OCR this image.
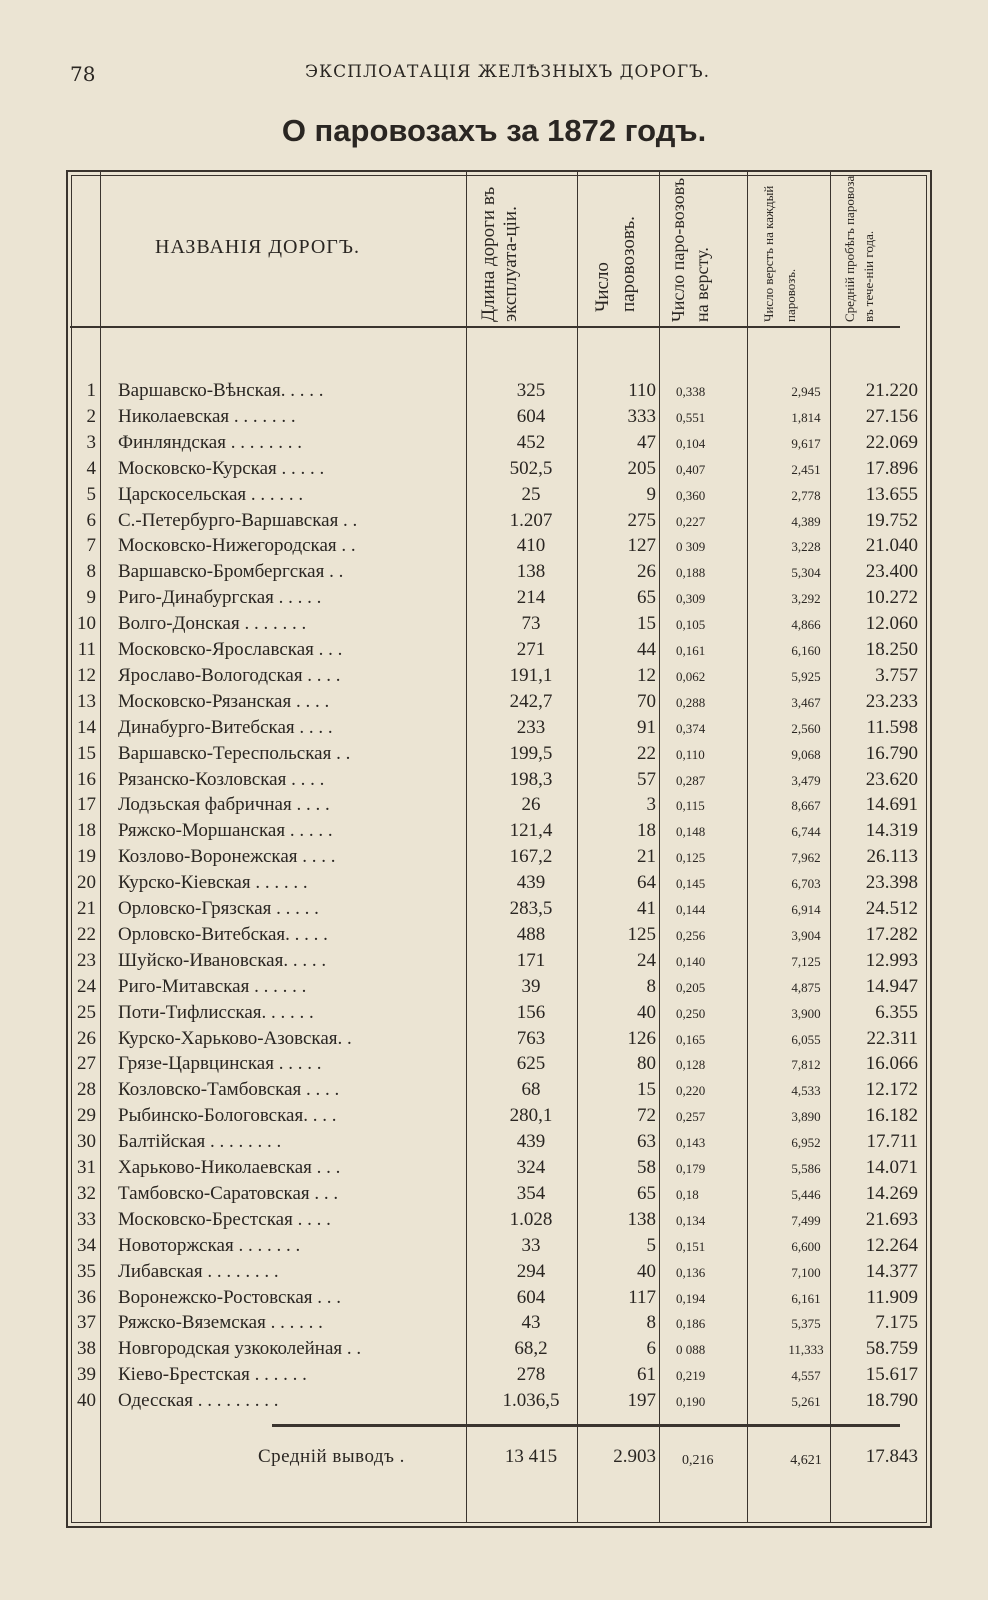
78	ЭКСПЛОАТАЦІЯ ЖЕЛѢЗНЫХЪ ДОРОГЪ.
О паровозахъ за 1872 годъ.
НАЗВАНІЯ ДОРОГЪ.	Длина дороги въ эксплуата-ціи.	Число паровозовъ. Число паро-возовъ на версту.	Число верстъ на каждый паровозъ.	Средній пробѣгъ паровоза въ тече-ніи года.
1 Варшавско-Вѣнская. . . . .	325	110 0,338	2,945	21.220
2 Николаевская . . . . . . .	604	333 0,551	1,814	27.156
3 Финляндская . . . . . . . .	452	47 0,104	9,617	22.069
4 Московско-Курская . . . . .	502,5	205 0,407	2,451	17.896
5 Царскосельская . . . . . .	25	9 0,360	2,778	13.655
6 С.-Петербурго-Варшавская . .	1.207	275 0,227	4,389	19.752
7 Московско-Нижегородская . .	410	127 0 309	3,228	21.040
8 Варшавско-Бромбергская . .	138	26 0,188	5,304	23.400
9 Риго-Динабургская . . . . .	214	65 0,309	3,292	10.272
10 Волго-Донская . . . . . . .	73	15 0,105	4,866	12.060
11 Московско-Ярославская . . .	271	44 0,161	6,160	18.250
12 Ярославо-Вологодская . . . .	191,1	12 0,062	5,925	3.757
13 Московско-Рязанская . . . .	242,7	70 0,288	3,467	23.233
14 Динабурго-Витебская . . . .	233	91 0,374	2,560	11.598
15 Варшавско-Тереспольская . .	199,5	22 0,110	9,068	16.790
16 Рязанско-Козловская . . . .	198,3	57 0,287	3,479	23.620
17 Лодзьская фабричная . . . .	26	3 0,115	8,667	14.691
18 Ряжско-Моршанская . . . . .	121,4	18 0,148	6,744	14.319
19 Козлово-Воронежская . . . .	167,2	21 0,125	7,962	26.113
20 Курско-Кіевская . . . . . .	439	64 0,145	6,703	23.398
21 Орловско-Грязская . . . . .	283,5	41 0,144	6,914	24.512
22 Орловско-Витебская. . . . .	488	125 0,256	3,904	17.282
23 Шуйско-Ивановская. . . . .	171	24 0,140	7,125	12.993
24 Риго-Митавская . . . . . .	39	8 0,205	4,875	14.947
25 Поти-Тифлисская. . . . . .	156	40 0,250	3,900	6.355
26 Курско-Харьково-Азовская. .	763	126 0,165	6,055	22.311
27 Грязе-Царвцинская . . . . .	625	80 0,128	7,812	16.066
28 Козловско-Тамбовская . . . .	68	15 0,220	4,533	12.172
29 Рыбинско-Бологовская. . . .	280,1	72 0,257	3,890	16.182
30 Балтійская . . . . . . . .	439	63 0,143	6,952	17.711
31 Харьково-Николаевская . . .	324	58 0,179	5,586	14.071
32 Тамбовско-Саратовская . . .	354	65 0,18	5,446	14.269
33 Московско-Брестская . . . .	1.028	138 0,134	7,499	21.693
34 Новоторжская . . . . . . .	33	5 0,151	6,600	12.264
35 Либавская . . . . . . . .	294	40 0,136	7,100	14.377
36 Воронежско-Ростовская . . .	604	117 0,194	6,161	11.909
37 Ряжско-Вяземская . . . . . .	43	8 0,186	5,375	7.175
38 Новгородская узкоколейная . .	68,2	6 0 088	11,333	58.759
39 Кіево-Брестская . . . . . .	278	61 0,219	4,557	15.617
40 Одесская . . . . . . . . .	1.036,5	197 0,190	5,261	18.790
Средній выводъ .	13 415	2.903 0,216	4,621	17.843
